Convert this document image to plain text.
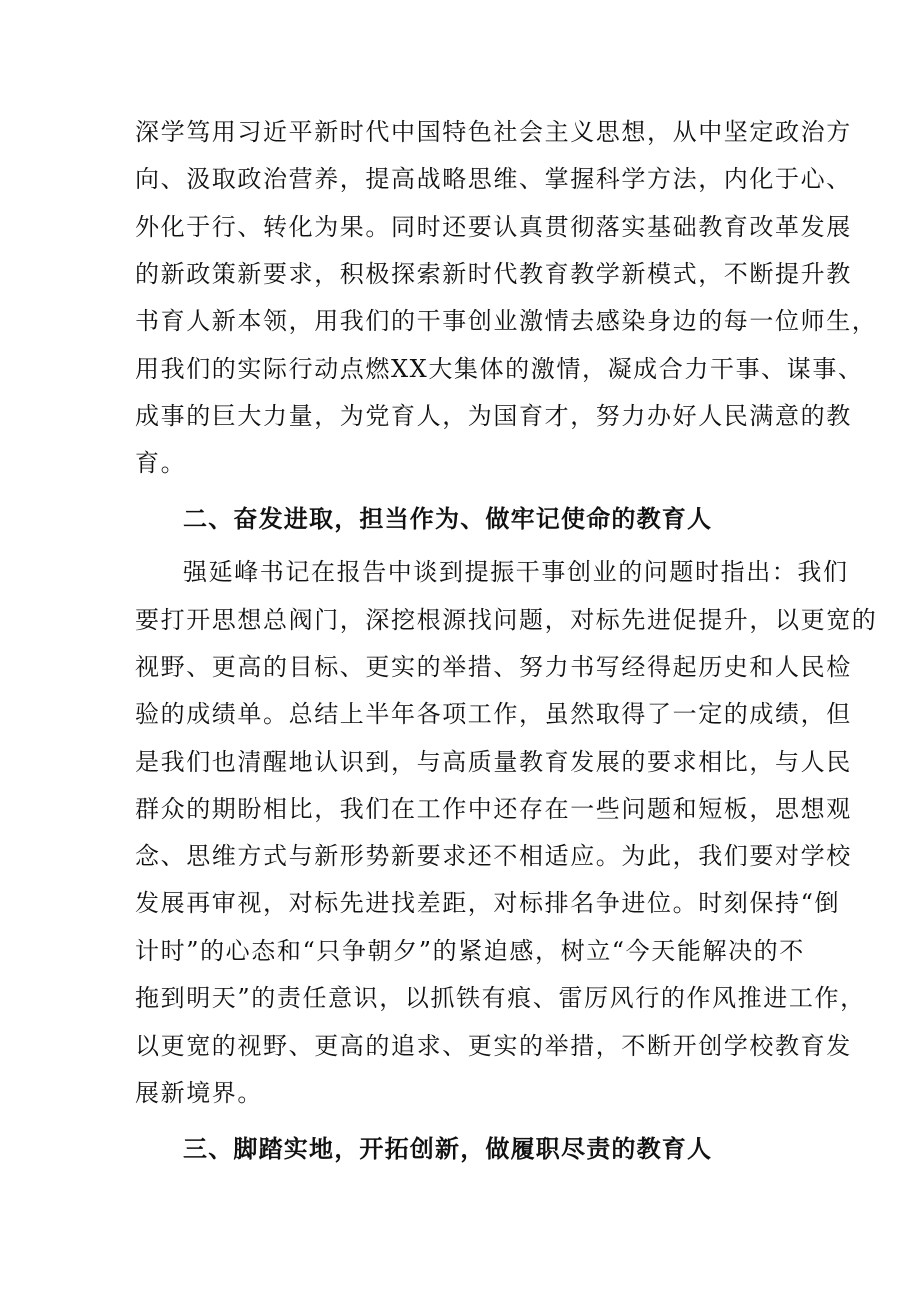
深学笃用习近平新时代中国特色社会主义思想，从中坚定政治方
向、汲取政治营养，提高战略思维、掌握科学方法，内化于心、
外化于行、转化为果。同时还要认真贯彻落实基础教育改革发展
的新政策新要求，积极探索新时代教育教学新模式，不断提升教
书育人新本领，用我们的干事创业激情去感染身边的每一位师生，
用我们的实际行动点燃XX大集体的激情，凝成合力干事、谋事、
成事的巨大力量，为党育人，为国育才，努力办好人民满意的教
育。
二、奋发进取，担当作为、做牢记使命的教育人
强延峰书记在报告中谈到提振干事创业的问题时指出：我们
要打开思想总阀门，深挖根源找问题，对标先进促提升，以更宽的
视野、更高的目标、更实的举措、努力书写经得起历史和人民检
验的成绩单。总结上半年各项工作，虽然取得了一定的成绩，但
是我们也清醒地认识到，与高质量教育发展的要求相比，与人民
群众的期盼相比，我们在工作中还存在一些问题和短板，思想观
念、思维方式与新形势新要求还不相适应。为此，我们要对学校
发展再审视，对标先进找差距，对标排名争进位。时刻保持“倒
计时”的心态和“只争朝夕”的紧迫感，树立“今天能解决的不
拖到明天”的责任意识，以抓铁有痕、雷厉风行的作风推进工作，
以更宽的视野、更高的追求、更实的举措，不断开创学校教育发
展新境界。
三、脚踏实地，开拓创新，做履职尽责的教育人
